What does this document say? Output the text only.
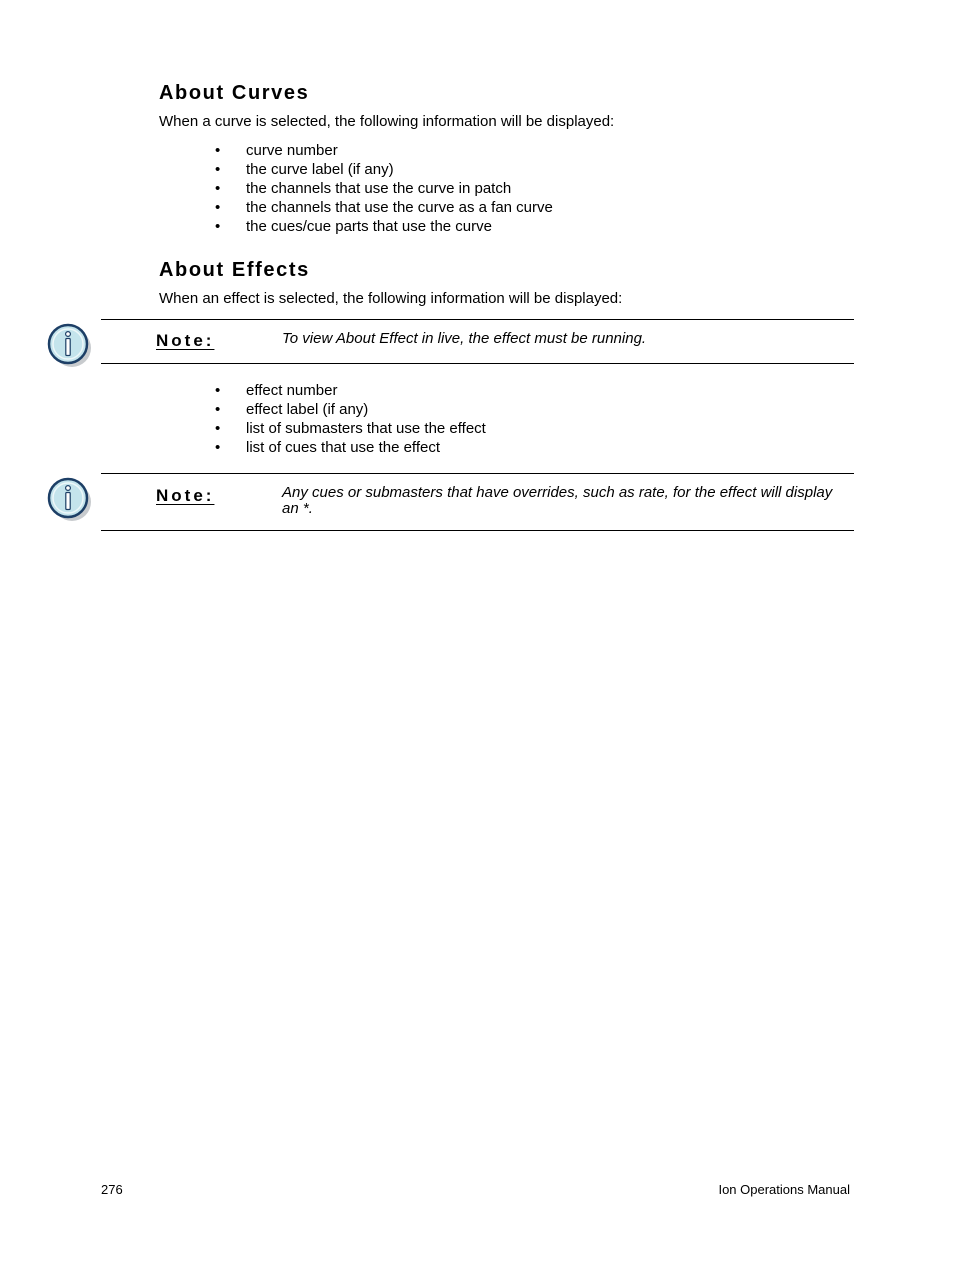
About Curves

When a curve is selected, the following information will be displayed:

• curve number
• the curve label (if any)
• the channels that use the curve in patch
• the channels that use the curve as a fan curve
• the cues/cue parts that use the curve
About Effects

When an effect is selected, the following information will be displayed:

Note:	To view About Effect in live, the effect must be running.
• effect number
• effect label (if any)
• list of submasters that use the effect
• list of cues that use the effect
Note:	Any cues or submasters that have overrides, such as rate, for the effect will display an *.
276	Ion Operations Manual
